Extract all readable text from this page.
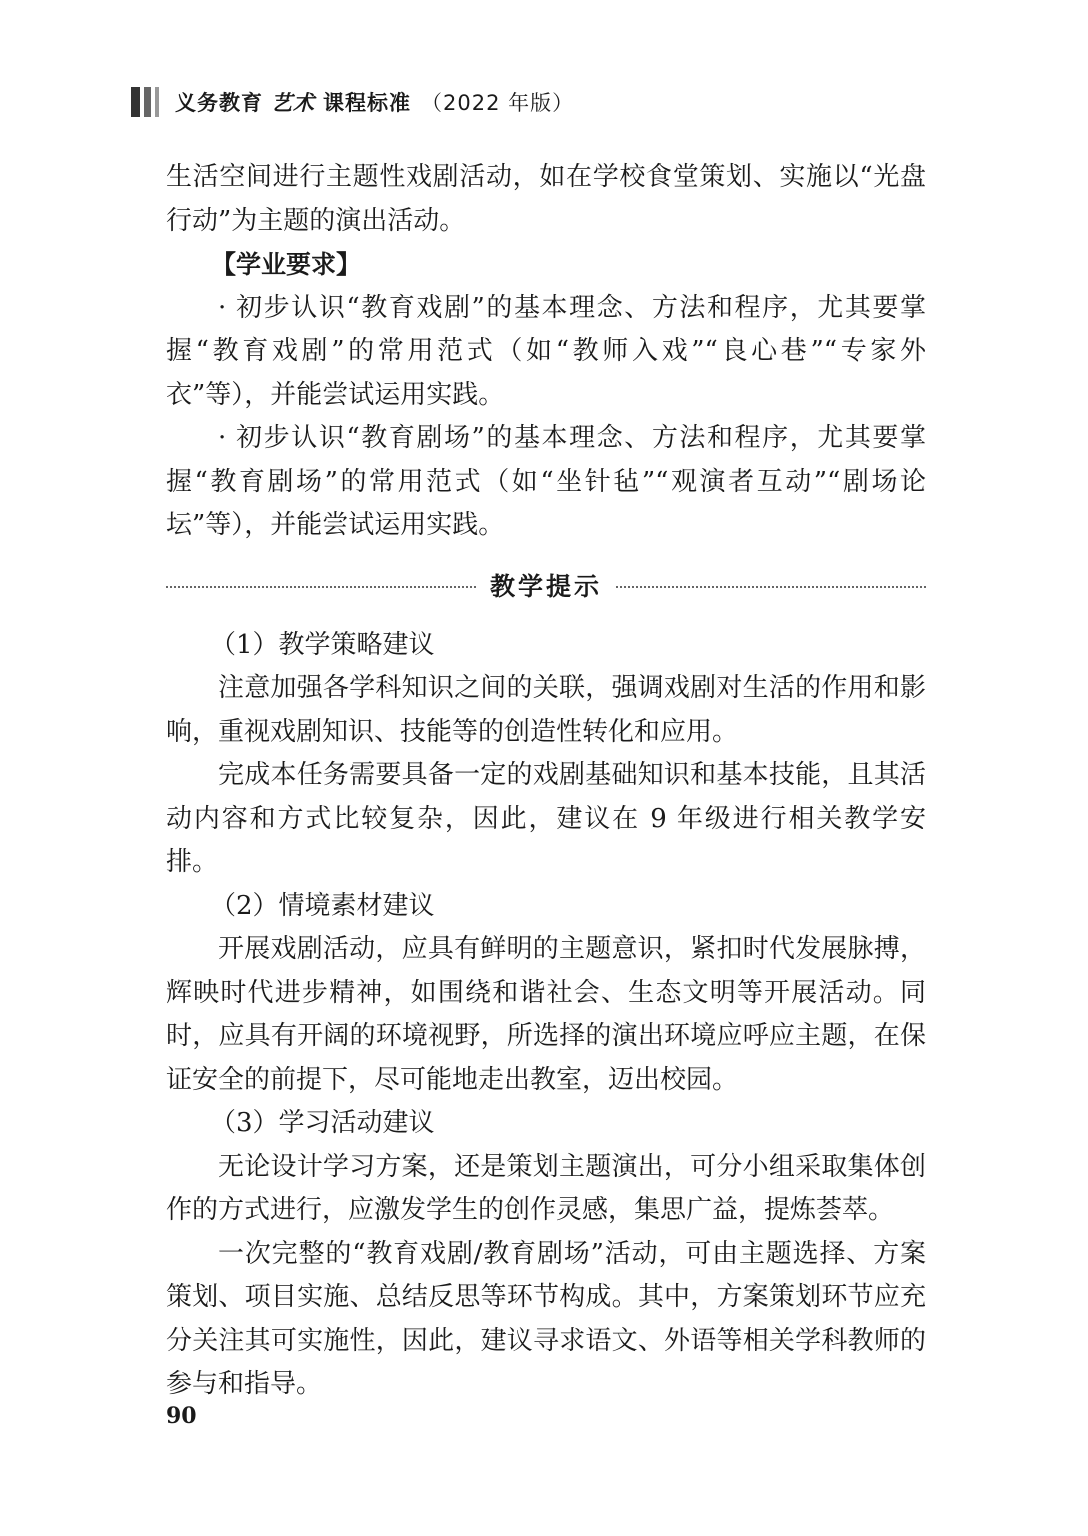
义务教育 艺术 课程标准 （2022 年版）

生活空间进行主题性戏剧活动，如在学校食堂策划、实施以“光盘行动”为主题的演出活动。

【学业要求】

· 初步认识“教育戏剧”的基本理念、方法和程序，尤其要掌握“教育戏剧”的常用范式（如“教师入戏”“良心巷”“专家外衣”等），并能尝试运用实践。

· 初步认识“教育剧场”的基本理念、方法和程序，尤其要掌握“教育剧场”的常用范式（如“坐针毡”“观演者互动”“剧场论坛”等），并能尝试运用实践。

教学提示

（1）教学策略建议

注意加强各学科知识之间的关联，强调戏剧对生活的作用和影响，重视戏剧知识、技能等的创造性转化和应用。

完成本任务需要具备一定的戏剧基础知识和基本技能，且其活动内容和方式比较复杂，因此，建议在 9 年级进行相关教学安排。

（2）情境素材建议

开展戏剧活动，应具有鲜明的主题意识，紧扣时代发展脉搏，辉映时代进步精神，如围绕和谐社会、生态文明等开展活动。同时，应具有开阔的环境视野，所选择的演出环境应呼应主题，在保证安全的前提下，尽可能地走出教室，迈出校园。

（3）学习活动建议

无论设计学习方案，还是策划主题演出，可分小组采取集体创作的方式进行，应激发学生的创作灵感，集思广益，提炼荟萃。

一次完整的“教育戏剧/教育剧场”活动，可由主题选择、方案策划、项目实施、总结反思等环节构成。其中，方案策划环节应充分关注其可实施性，因此，建议寻求语文、外语等相关学科教师的参与和指导。

90
